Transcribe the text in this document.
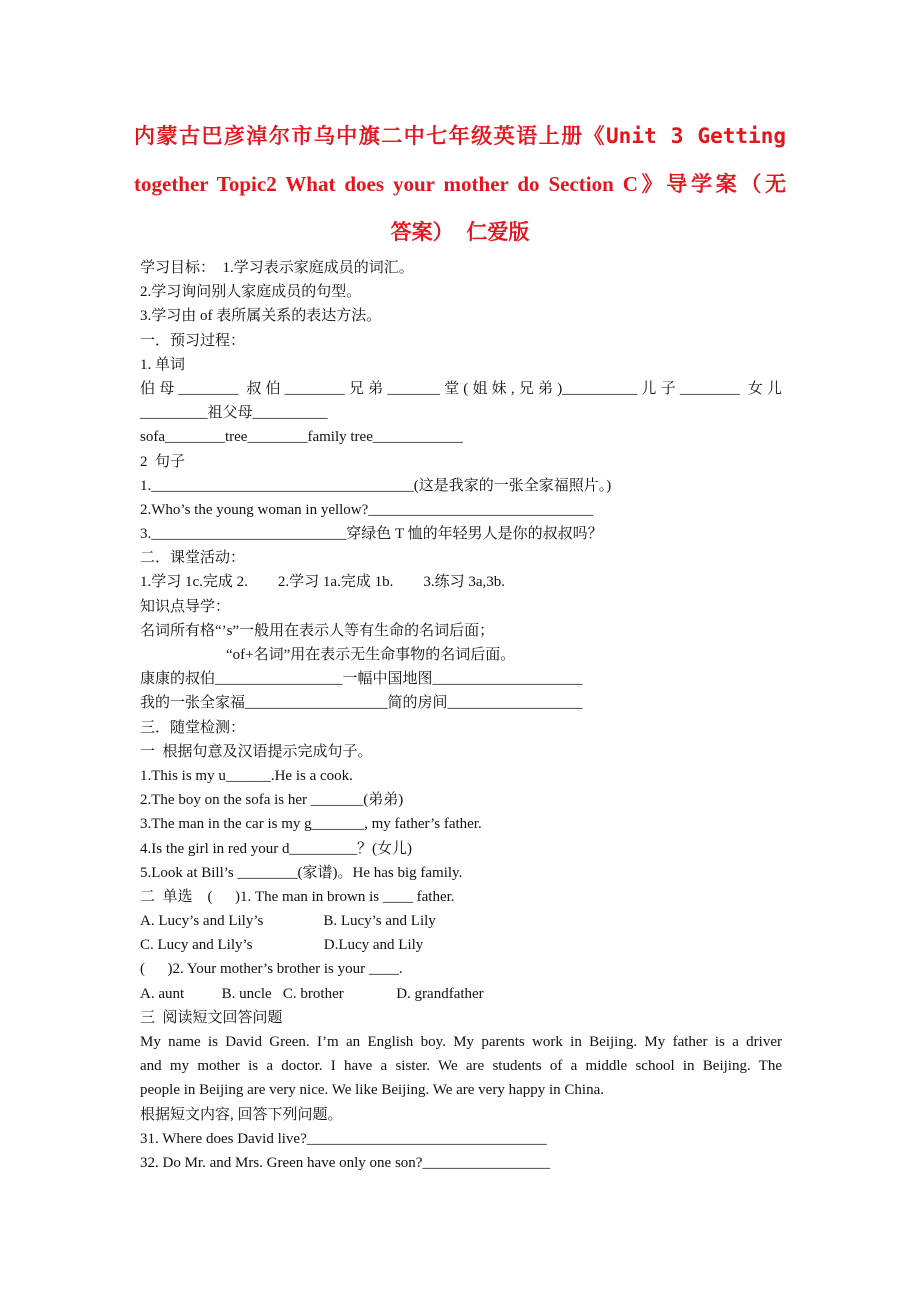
内蒙古巴彦淖尔市乌中旗二中七年级英语上册《Unit 3 Getting
together Topic2 What does your mother do Section C》导学案（无
答案） 仁爱版
学习目标：  1.学习表示家庭成员的词汇。
2.学习询问别人家庭成员的句型。
3.学习由 of 表所属关系的表达方法。
一．预习过程：
1. 单词
伯母________ 叔伯________兄弟_______堂(姐妹,兄弟)__________儿子________ 女儿
_________祖父母__________
sofa________tree________family tree____________
2  句子
1.___________________________________(这是我家的一张全家福照片。)
2.Who’s the young woman in yellow?______________________________
3.__________________________穿绿色 T 恤的年轻男人是你的叔叔吗？
二．课堂活动：
1.学习 1c.完成 2.        2.学习 1a.完成 1b.        3.练习 3a,3b.
知识点导学：
名词所有格“’s”一般用在表示人等有生命的名词后面；
“of+名词”用在表示无生命事物的名词后面。
康康的叔伯_________________一幅中国地图____________________
我的一张全家福___________________简的房间__________________
三．随堂检测：
一  根据句意及汉语提示完成句子。
1.This is my u______.He is a cook.
2.The boy on the sofa is her _______(弟弟)
3.The man in the car is my g_______, my father’s father.
4.Is the girl in red your d_________？(女儿)
5.Look at Bill’s ________(家谱)。He has big family.
二  单选    (      )1. The man in brown is ____ father.
A. Lucy’s and Lily’s                B. Lucy’s and Lily
C. Lucy and Lily’s                   D.Lucy and Lily
(      )2. Your mother’s brother is your ____.
A. aunt          B. uncle   C. brother              D. grandfather
三  阅读短文回答问题
My name is David Green. I’m an English boy. My parents work in Beijing. My father is a driver
and my mother is a doctor. I have a sister. We are students of a middle school in Beijing. The
people in Beijing are very nice. We like Beijing. We are very happy in China.
根据短文内容, 回答下列问题。
31. Where does David live?________________________________
32. Do Mr. and Mrs. Green have only one son?_________________
